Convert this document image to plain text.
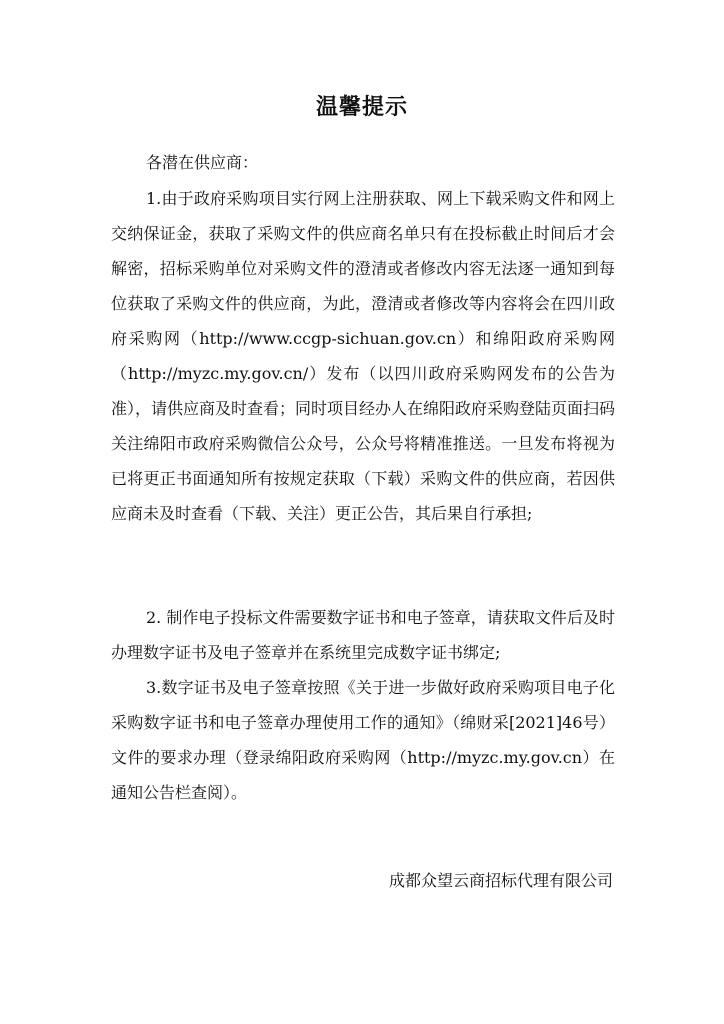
温馨提示
各潜在供应商：

1.由于政府采购项目实行网上注册获取、网上下载采购文件和网上交纳保证金，获取了采购文件的供应商名单只有在投标截止时间后才会解密，招标采购单位对采购文件的澄清或者修改内容无法逐一通知到每位获取了采购文件的供应商，为此，澄清或者修改等内容将会在四川政府采购网（http://www.ccgp-sichuan.gov.cn）和绵阳政府采购网（http://myzc.my.gov.cn/）发布（以四川政府采购网发布的公告为准），请供应商及时查看；同时项目经办人在绵阳政府采购登陆页面扫码关注绵阳市政府采购微信公众号，公众号将精准推送。一旦发布将视为已将更正书面通知所有按规定获取（下载）采购文件的供应商，若因供应商未及时查看（下载、关注）更正公告，其后果自行承担;

2. 制作电子投标文件需要数字证书和电子签章，请获取文件后及时办理数字证书及电子签章并在系统里完成数字证书绑定;

3.数字证书及电子签章按照《关于进一步做好政府采购项目电子化采购数字证书和电子签章办理使用工作的通知》（绵财采[2021]46号）文件的要求办理（登录绵阳政府采购网（http://myzc.my.gov.cn）在通知公告栏查阅）。

成都众望云商招标代理有限公司
